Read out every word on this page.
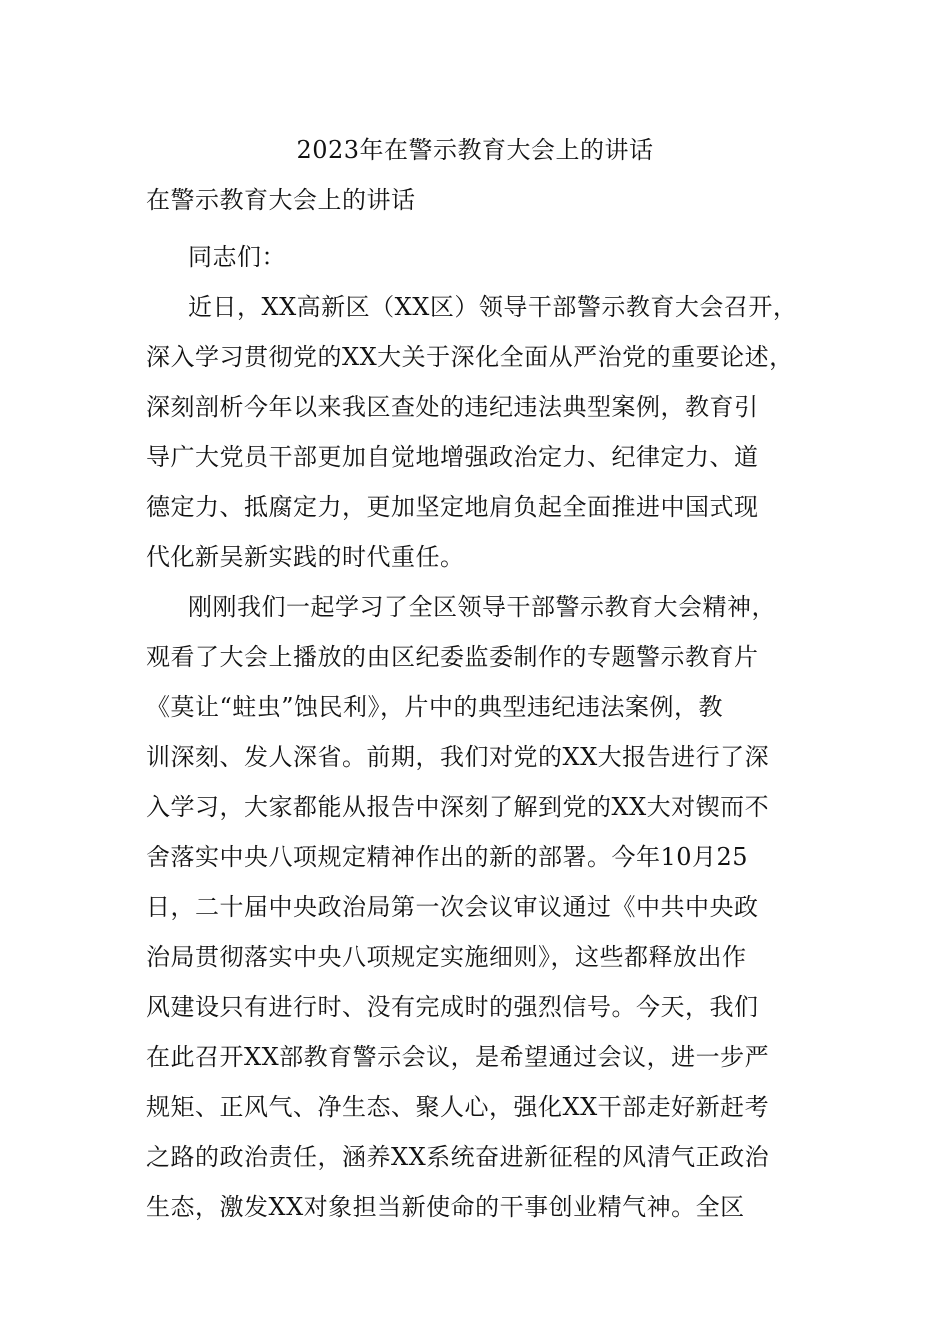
2023年在警示教育大会上的讲话
在警示教育大会上的讲话
同志们：
近日，XX高新区（XX区）领导干部警示教育大会召开，
深入学习贯彻党的XX大关于深化全面从严治党的重要论述，
深刻剖析今年以来我区查处的违纪违法典型案例，教育引
导广大党员干部更加自觉地增强政治定力、纪律定力、道
德定力、抵腐定力，更加坚定地肩负起全面推进中国式现
代化新吴新实践的时代重任。
刚刚我们一起学习了全区领导干部警示教育大会精神，
观看了大会上播放的由区纪委监委制作的专题警示教育片
《莫让“蛀虫”蚀民利》，片中的典型违纪违法案例，教
训深刻、发人深省。前期，我们对党的XX大报告进行了深
入学习，大家都能从报告中深刻了解到党的XX大对锲而不
舍落实中央八项规定精神作出的新的部署。今年10月25
日，二十届中央政治局第一次会议审议通过《中共中央政
治局贯彻落实中央八项规定实施细则》，这些都释放出作
风建设只有进行时、没有完成时的强烈信号。今天，我们
在此召开XX部教育警示会议，是希望通过会议，进一步严
规矩、正风气、净生态、聚人心，强化XX干部走好新赶考
之路的政治责任，涵养XX系统奋进新征程的风清气正政治
生态，激发XX对象担当新使命的干事创业精气神。全区
